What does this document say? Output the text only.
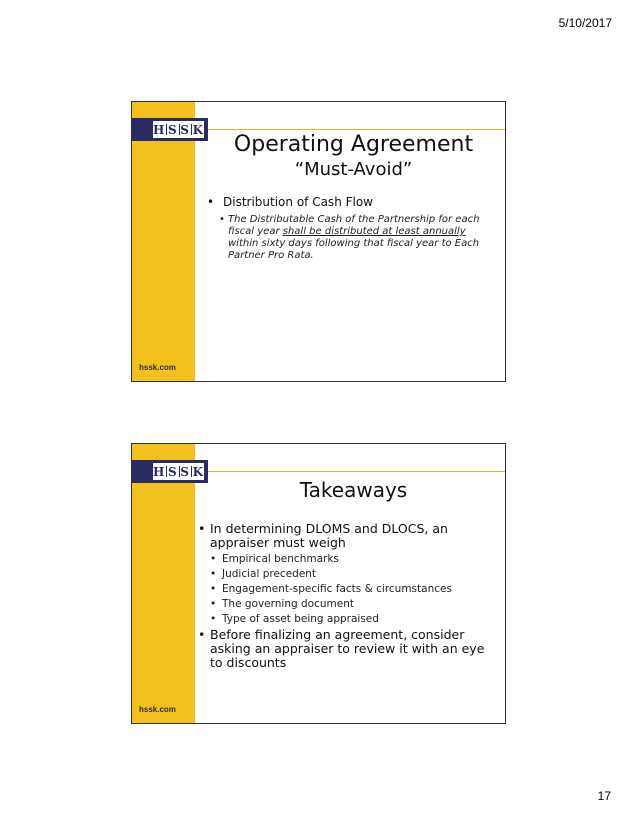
5/10/2017
H S S K
Operating Agreement
“Must-Avoid”
• Distribution of Cash Flow
• The Distributable Cash of the Partnership for each fiscal year shall be distributed at least annually within sixty days following that fiscal year to Each Partner Pro Rata.
hssk.com
H S S K
Takeaways
• In determining DLOMS and DLOCS, an appraiser must weigh
• Empirical benchmarks
• Judicial precedent
• Engagement-specific facts & circumstances
• The governing document
• Type of asset being appraised
• Before finalizing an agreement, consider asking an appraiser to review it with an eye to discounts
hssk.com
17
